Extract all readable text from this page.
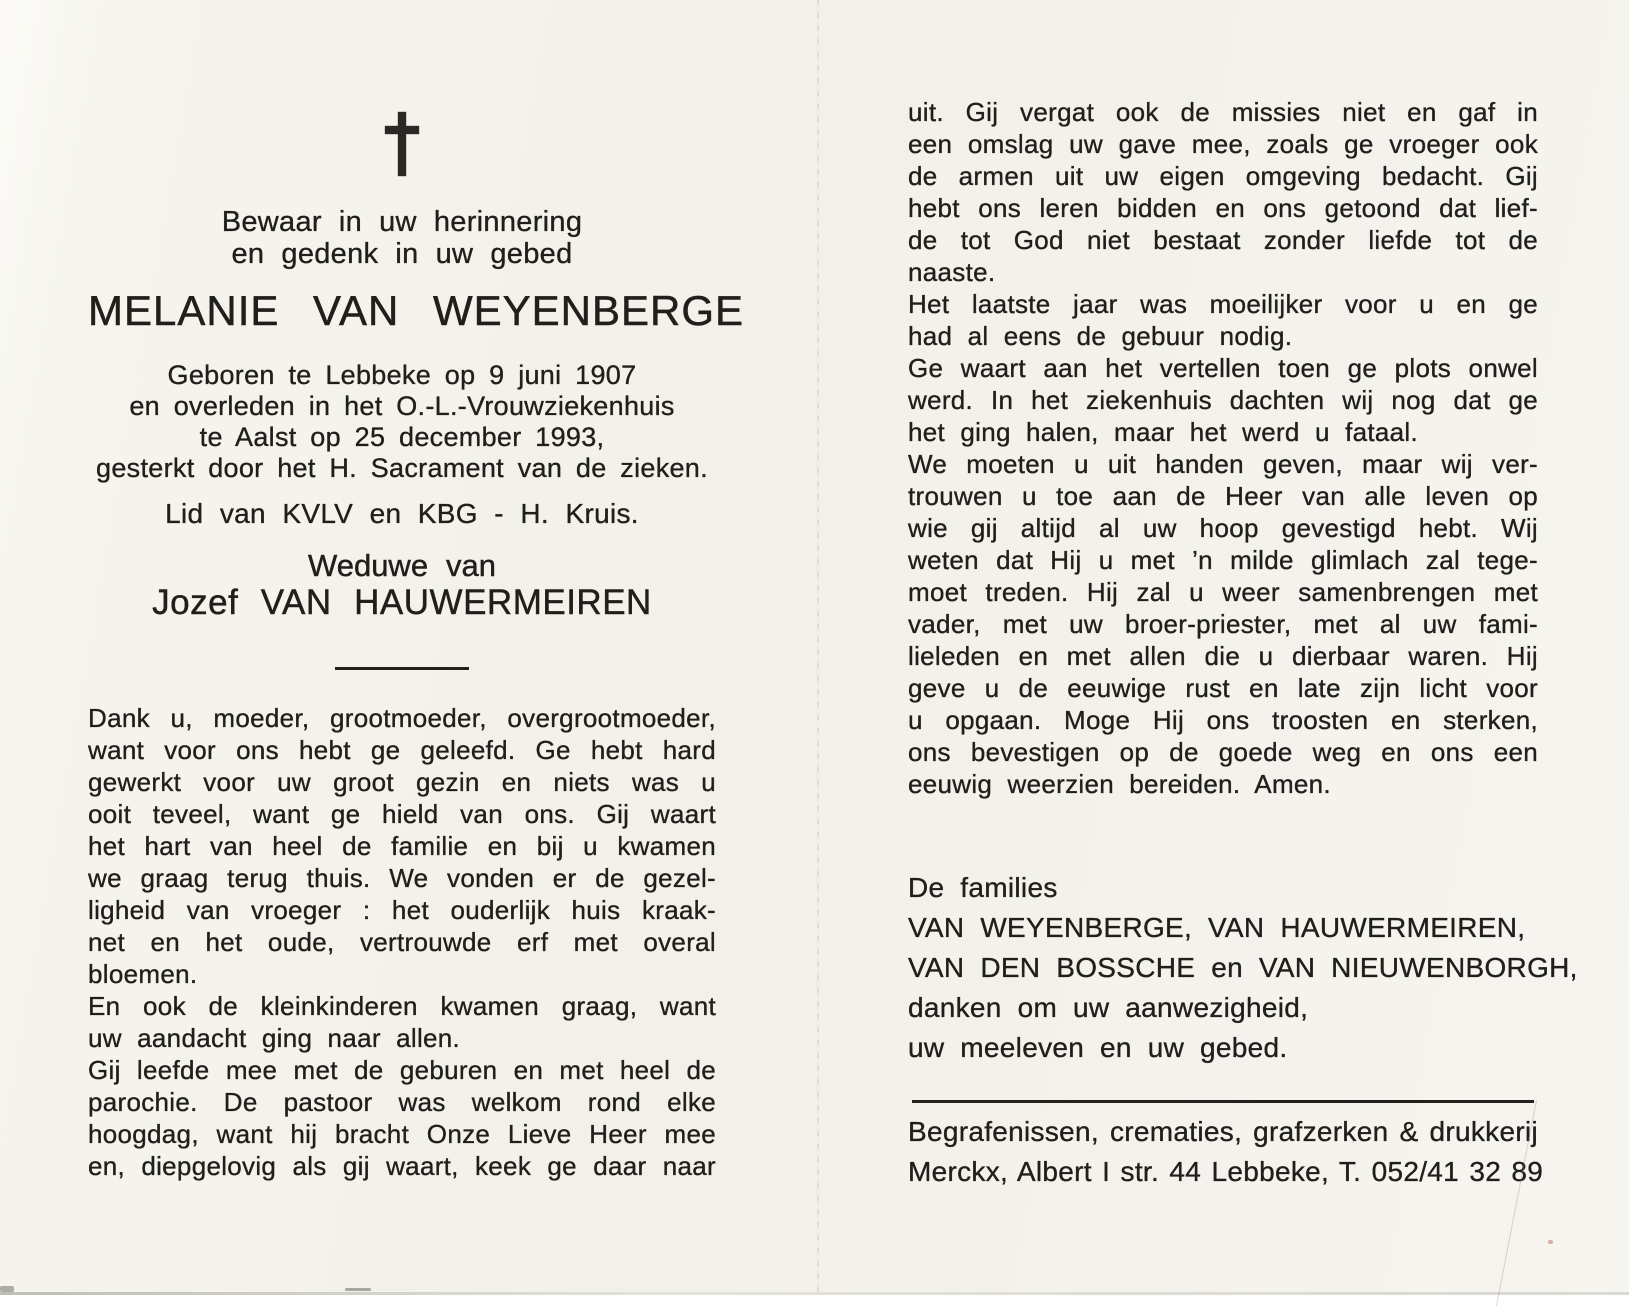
Bewaar in uw herinnering
en gedenk in uw gebed
MELANIE VAN WEYENBERGE
Geboren te Lebbeke op 9 juni 1907
en overleden in het O.-L.-Vrouwziekenhuis
te Aalst op 25 december 1993,
gesterkt door het H. Sacrament van de zieken.
Lid van KVLV en KBG - H. Kruis.
Weduwe van
Jozef VAN HAUWERMEIREN
Dank u, moeder, grootmoeder, overgrootmoeder,
want voor ons hebt ge geleefd. Ge hebt hard
gewerkt voor uw groot gezin en niets was u
ooit teveel, want ge hield van ons. Gij waart
het hart van heel de familie en bij u kwamen
we graag terug thuis. We vonden er de gezel-
ligheid van vroeger : het ouderlijk huis kraak-
net en het oude, vertrouwde erf met overal
bloemen.
En ook de kleinkinderen kwamen graag, want
uw aandacht ging naar allen.
Gij leefde mee met de geburen en met heel de
parochie. De pastoor was welkom rond elke
hoogdag, want hij bracht Onze Lieve Heer mee
en, diepgelovig als gij waart, keek ge daar naar
uit. Gij vergat ook de missies niet en gaf in
een omslag uw gave mee, zoals ge vroeger ook
de armen uit uw eigen omgeving bedacht. Gij
hebt ons leren bidden en ons getoond dat lief-
de tot God niet bestaat zonder liefde tot de
naaste.
Het laatste jaar was moeilijker voor u en ge
had al eens de gebuur nodig.
Ge waart aan het vertellen toen ge plots onwel
werd. In het ziekenhuis dachten wij nog dat ge
het ging halen, maar het werd u fataal.
We moeten u uit handen geven, maar wij ver-
trouwen u toe aan de Heer van alle leven op
wie gij altijd al uw hoop gevestigd hebt. Wij
weten dat Hij u met ’n milde glimlach zal tege-
moet treden. Hij zal u weer samenbrengen met
vader, met uw broer-priester, met al uw fami-
lieleden en met allen die u dierbaar waren. Hij
geve u de eeuwige rust en late zijn licht voor
u opgaan. Moge Hij ons troosten en sterken,
ons bevestigen op de goede weg en ons een
eeuwig weerzien bereiden. Amen.
De families
VAN WEYENBERGE, VAN HAUWERMEIREN,
VAN DEN BOSSCHE en VAN NIEUWENBORGH,
danken om uw aanwezigheid,
uw meeleven en uw gebed.
Begrafenissen, crematies, grafzerken & drukkerij
Merckx, Albert I str. 44 Lebbeke, T. 052/41 32 89
